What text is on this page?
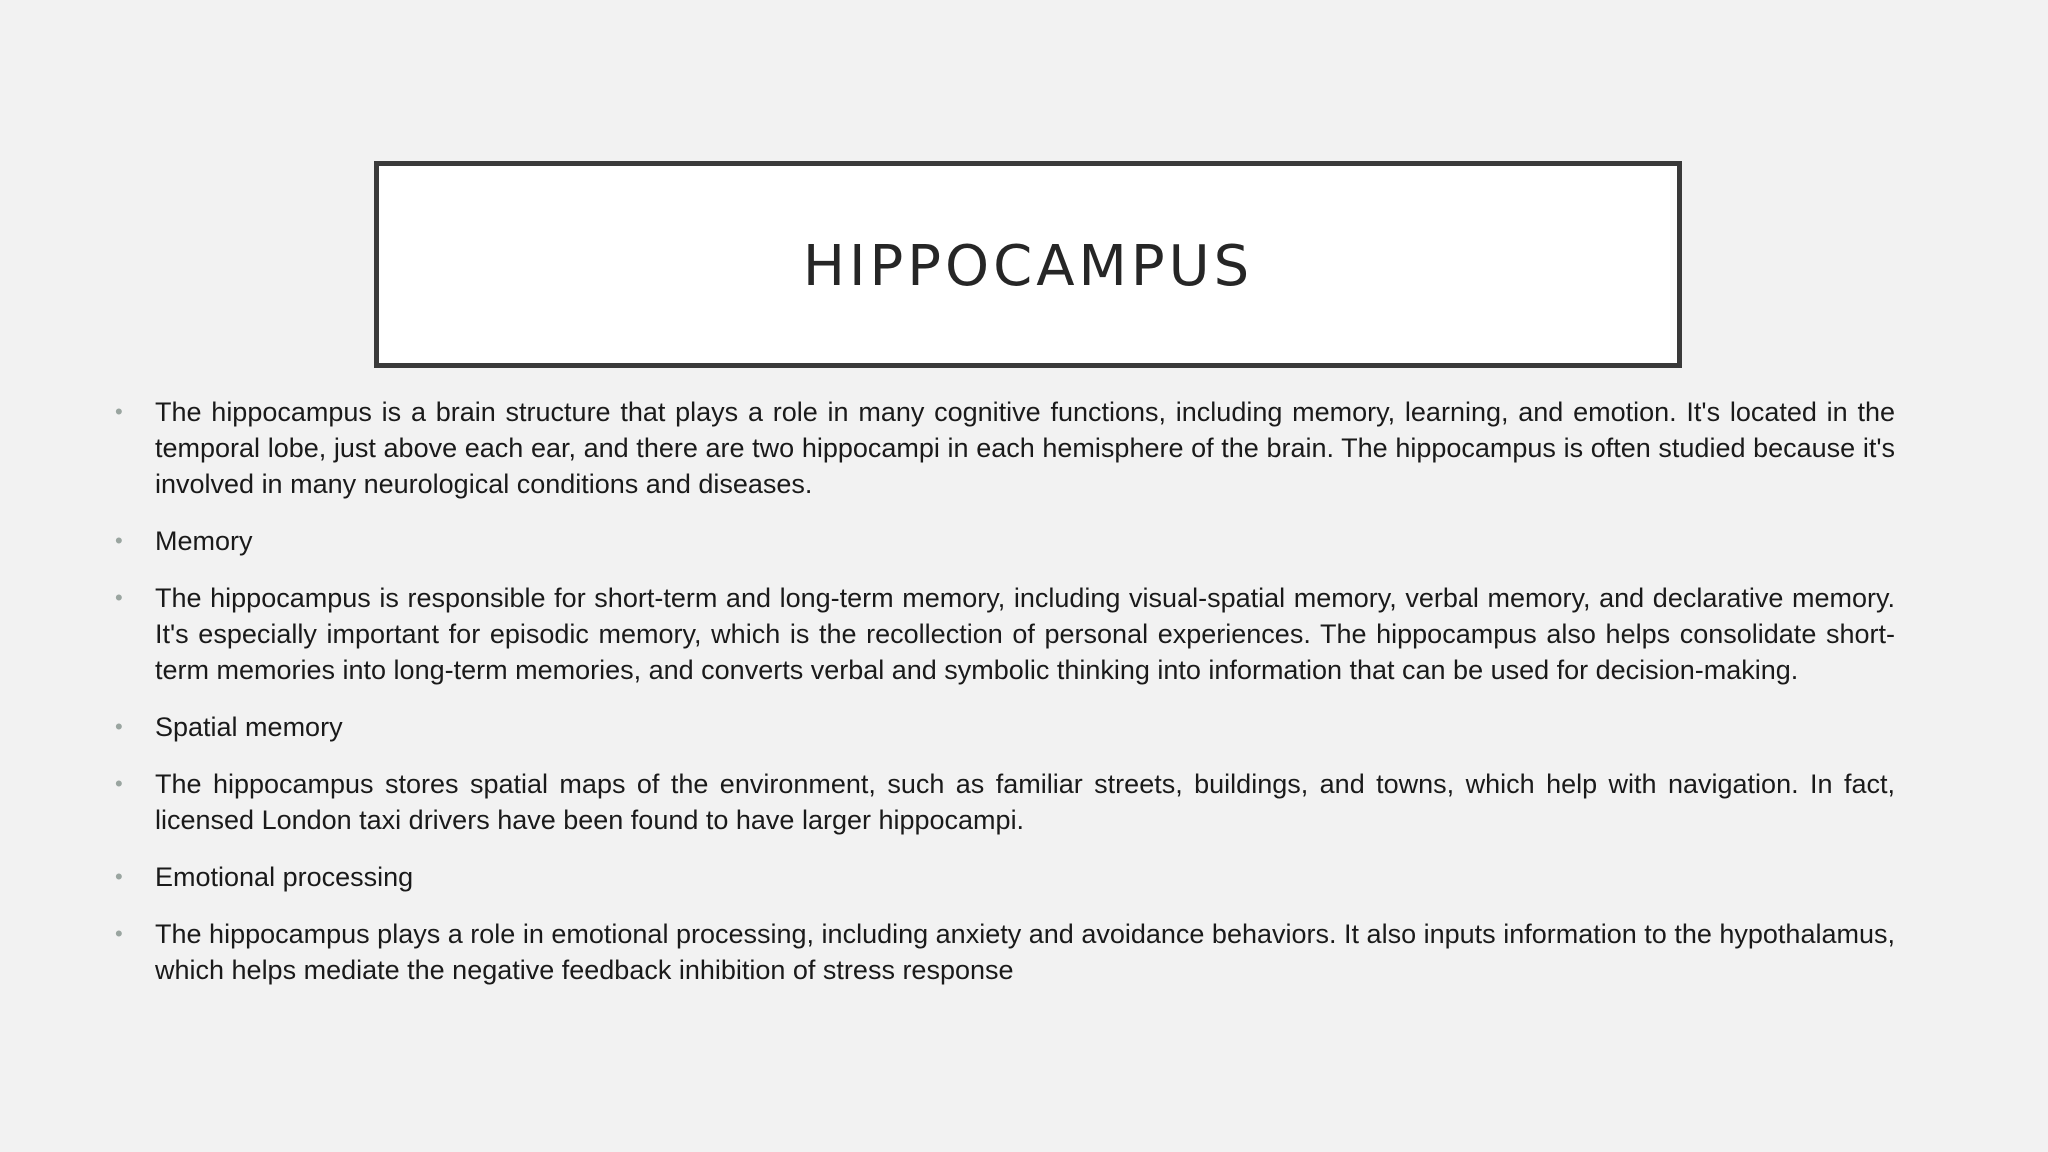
HIPPOCAMPUS
• The hippocampus is a brain structure that plays a role in many cognitive functions, including memory, learning, and emotion. It's located in the temporal lobe, just above each ear, and there are two hippocampi in each hemisphere of the brain. The hippocampus is often studied because it's involved in many neurological conditions and diseases.
• Memory
• The hippocampus is responsible for short-term and long-term memory, including visual-spatial memory, verbal memory, and declarative memory. It's especially important for episodic memory, which is the recollection of personal experiences. The hippocampus also helps consolidate short-term memories into long-term memories, and converts verbal and symbolic thinking into information that can be used for decision-making.
• Spatial memory
• The hippocampus stores spatial maps of the environment, such as familiar streets, buildings, and towns, which help with navigation. In fact, licensed London taxi drivers have been found to have larger hippocampi.
• Emotional processing
• The hippocampus plays a role in emotional processing, including anxiety and avoidance behaviors. It also inputs information to the hypothalamus, which helps mediate the negative feedback inhibition of stress response
